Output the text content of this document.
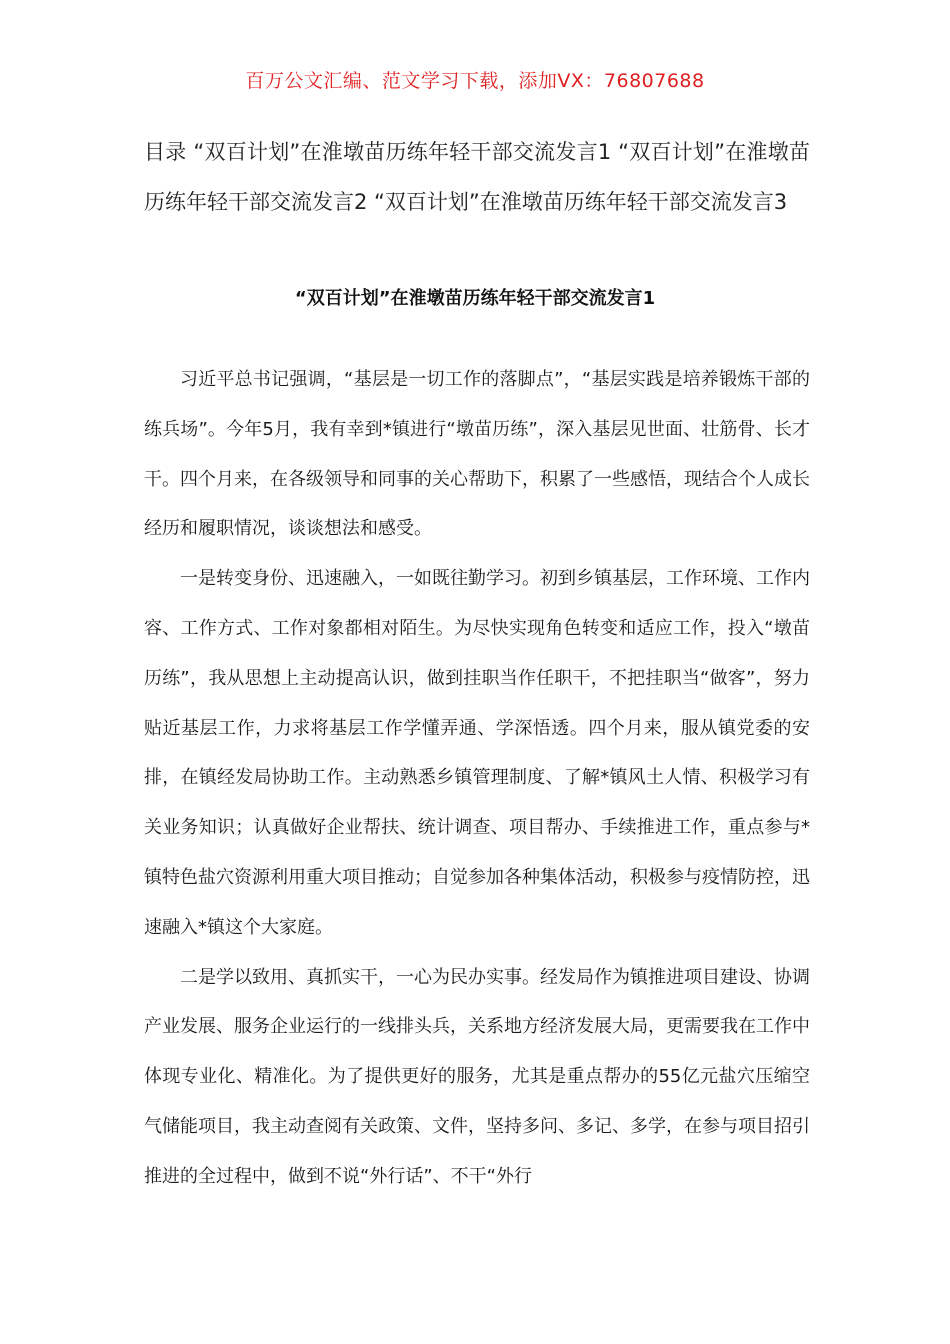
百万公文汇编、范文学习下载，添加VX：76807688
目录 “双百计划”在淮墩苗历练年轻干部交流发言1 “双百计划”在淮墩苗历练年轻干部交流发言2 “双百计划”在淮墩苗历练年轻干部交流发言3
“双百计划”在淮墩苗历练年轻干部交流发言1

习近平总书记强调，“基层是一切工作的落脚点”，“基层实践是培养锻炼干部的练兵场”。今年5月，我有幸到*镇进行“墩苗历练”，深入基层见世面、壮筋骨、长才干。四个月来，在各级领导和同事的关心帮助下，积累了一些感悟，现结合个人成长经历和履职情况，谈谈想法和感受。

一是转变身份、迅速融入，一如既往勤学习。初到乡镇基层，工作环境、工作内容、工作方式、工作对象都相对陌生。为尽快实现角色转变和适应工作，投入“墩苗历练”，我从思想上主动提高认识，做到挂职当作任职干，不把挂职当“做客”，努力贴近基层工作，力求将基层工作学懂弄通、学深悟透。四个月来，服从镇党委的安排，在镇经发局协助工作。主动熟悉乡镇管理制度、了解*镇风土人情、积极学习有关业务知识；认真做好企业帮扶、统计调查、项目帮办、手续推进工作，重点参与*镇特色盐穴资源利用重大项目推动；自觉参加各种集体活动，积极参与疫情防控，迅速融入*镇这个大家庭。

二是学以致用、真抓实干，一心为民办实事。经发局作为镇推进项目建设、协调产业发展、服务企业运行的一线排头兵，关系地方经济发展大局，更需要我在工作中体现专业化、精准化。为了提供更好的服务，尤其是重点帮办的55亿元盐穴压缩空气储能项目，我主动查阅有关政策、文件，坚持多问、多记、多学，在参与项目招引推进的全过程中，做到不说“外行话”、不干“外行
